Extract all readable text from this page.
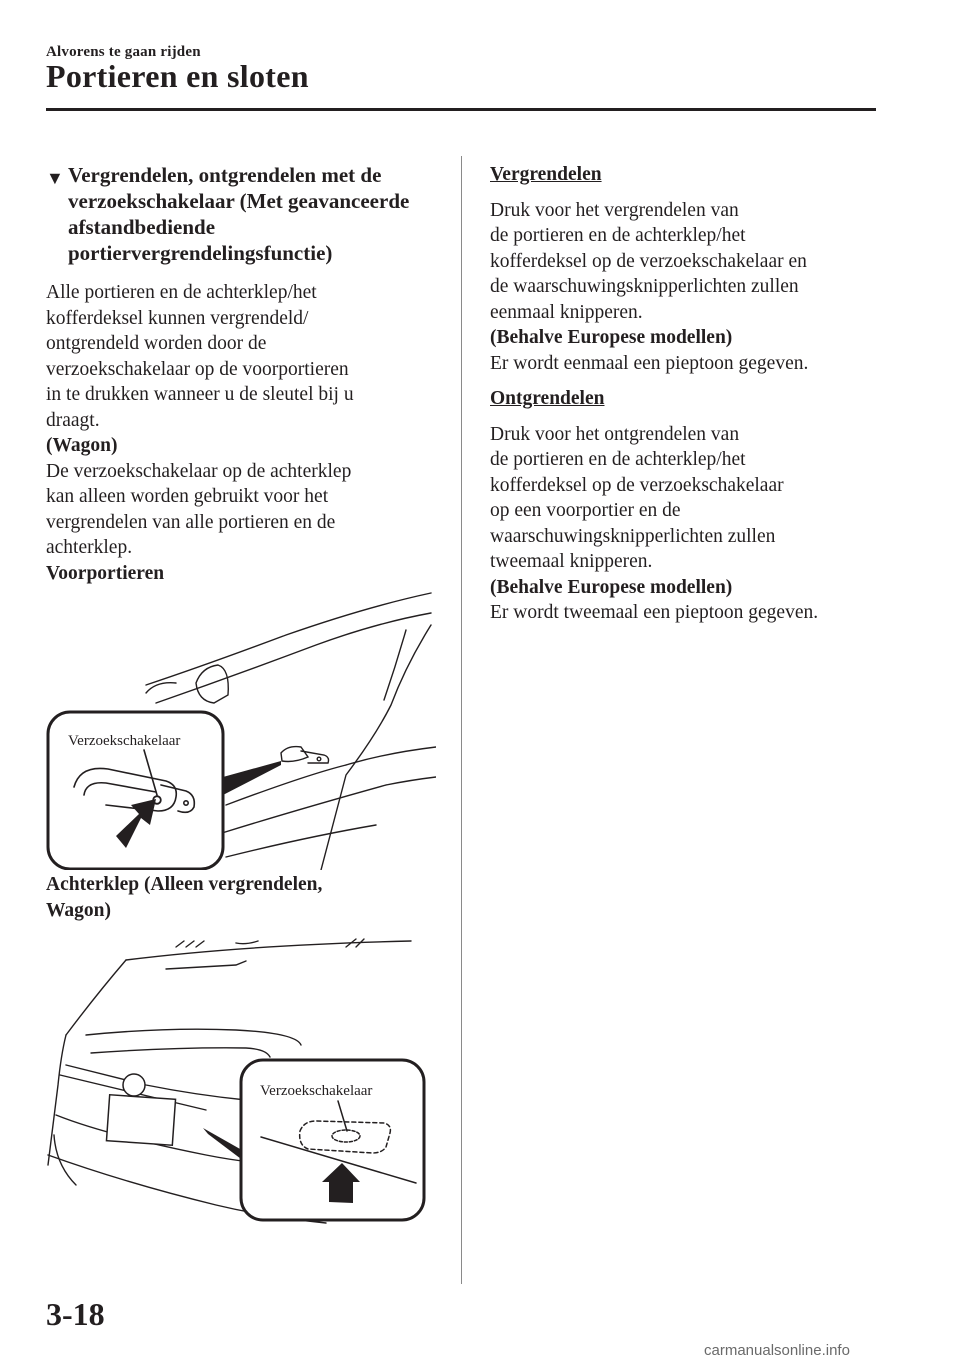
Alvorens te gaan rijden
Portieren en sloten
▼ Vergrendelen, ontgrendelen met de verzoekschakelaar (Met geavanceerde afstandbediende portiervergrendelingsfunctie)

Alle portieren en de achterklep/het

kofferdeksel kunnen vergrendeld/

ontgrendeld worden door de

verzoekschakelaar op de voorportieren

in te drukken wanneer u de sleutel bij u

draagt.

(Wagon)

De verzoekschakelaar op de achterklep

kan alleen worden gebruikt voor het

vergrendelen van alle portieren en de

achterklep.

Voorportieren

Verzoekschakelaar
Achterklep (Alleen vergrendelen,
Wagon)
Verzoekschakelaar
Vergrendelen

Druk voor het vergrendelen van

de portieren en de achterklep/het

kofferdeksel op de verzoekschakelaar en

de waarschuwingsknipperlichten zullen

eenmaal knipperen.

(Behalve Europese modellen)

Er wordt eenmaal een pieptoon gegeven.

Ontgrendelen

Druk voor het ontgrendelen van

de portieren en de achterklep/het

kofferdeksel op de verzoekschakelaar

op een voorportier en de

waarschuwingsknipperlichten zullen

tweemaal knipperen.

(Behalve Europese modellen)

Er wordt tweemaal een pieptoon gegeven.

3-18
carmanualsonline.info
